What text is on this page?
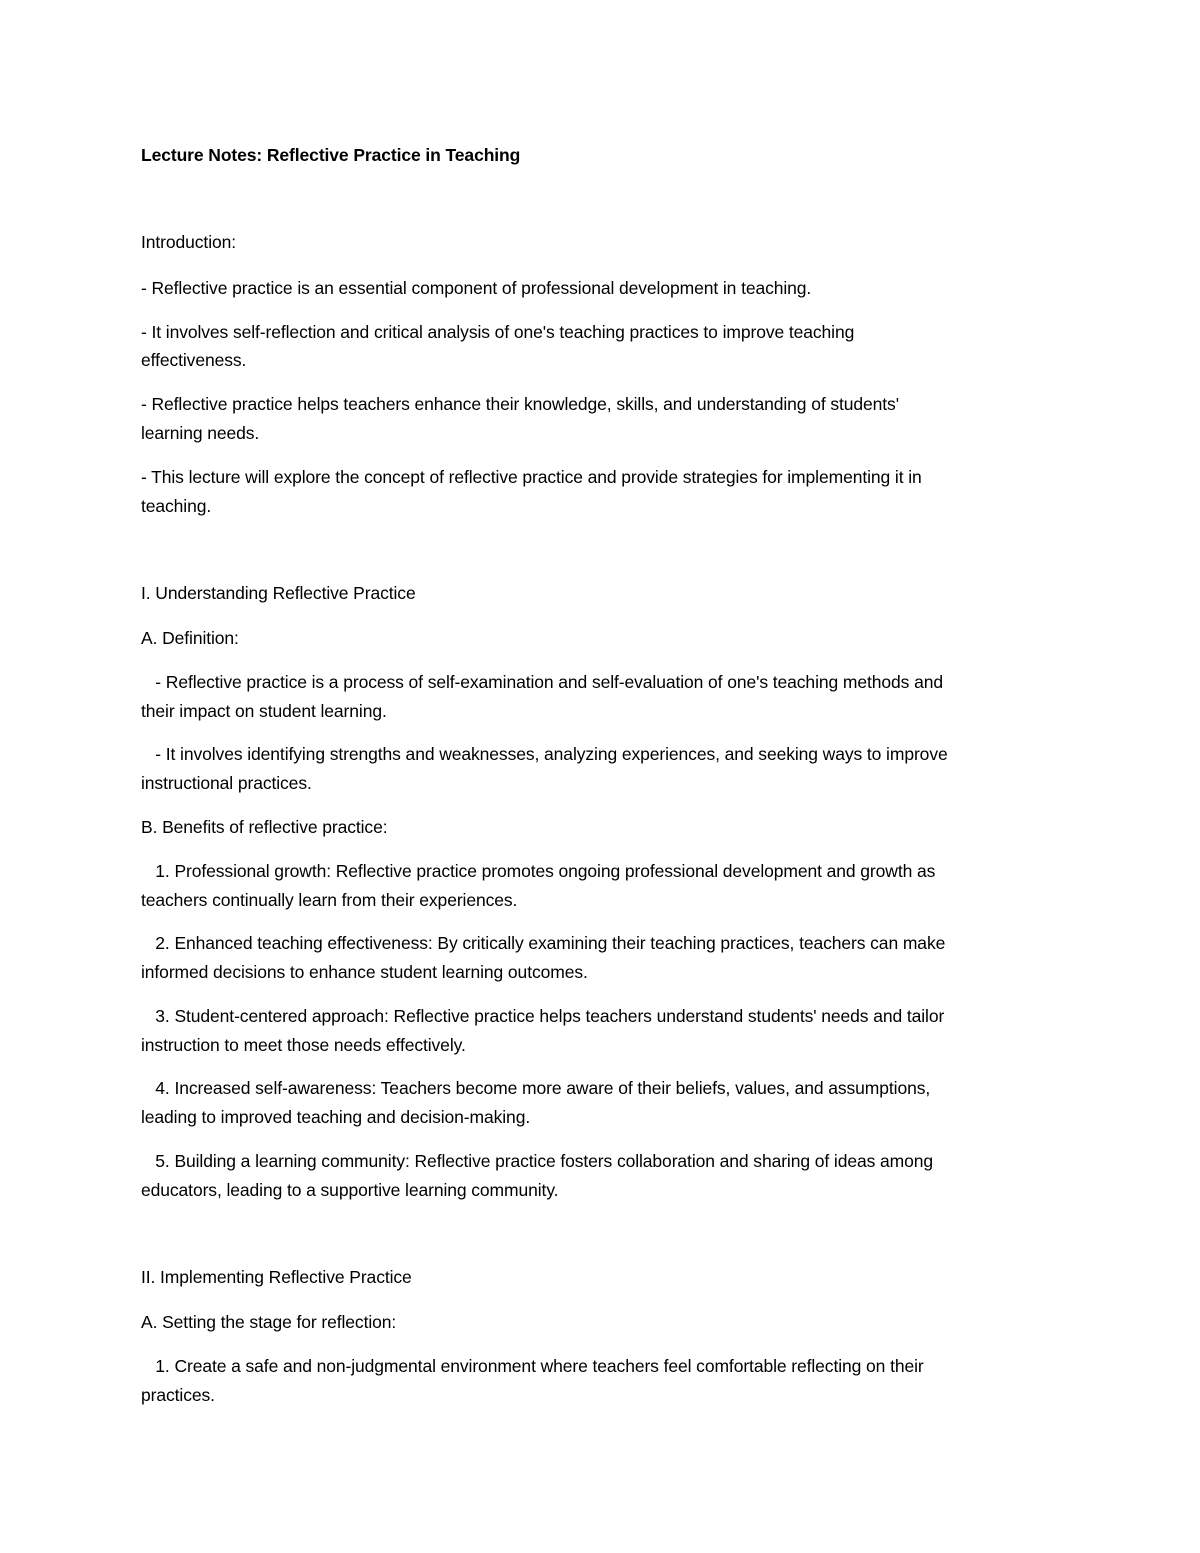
Lecture Notes: Reflective Practice in Teaching

Introduction:

- Reflective practice is an essential component of professional development in teaching.

- It involves self-reflection and critical analysis of one's teaching practices to improve teaching

effectiveness.

- Reflective practice helps teachers enhance their knowledge, skills, and understanding of students'

learning needs.

- This lecture will explore the concept of reflective practice and provide strategies for implementing it in

teaching.

I. Understanding Reflective Practice

A. Definition:

- Reflective practice is a process of self-examination and self-evaluation of one's teaching methods and

their impact on student learning.

- It involves identifying strengths and weaknesses, analyzing experiences, and seeking ways to improve

instructional practices.

B. Benefits of reflective practice:

1. Professional growth: Reflective practice promotes ongoing professional development and growth as

teachers continually learn from their experiences.

2. Enhanced teaching effectiveness: By critically examining their teaching practices, teachers can make

informed decisions to enhance student learning outcomes.

3. Student-centered approach: Reflective practice helps teachers understand students' needs and tailor

instruction to meet those needs effectively.

4. Increased self-awareness: Teachers become more aware of their beliefs, values, and assumptions,

leading to improved teaching and decision-making.

5. Building a learning community: Reflective practice fosters collaboration and sharing of ideas among

educators, leading to a supportive learning community.

II. Implementing Reflective Practice

A. Setting the stage for reflection:

1. Create a safe and non-judgmental environment where teachers feel comfortable reflecting on their

practices.
